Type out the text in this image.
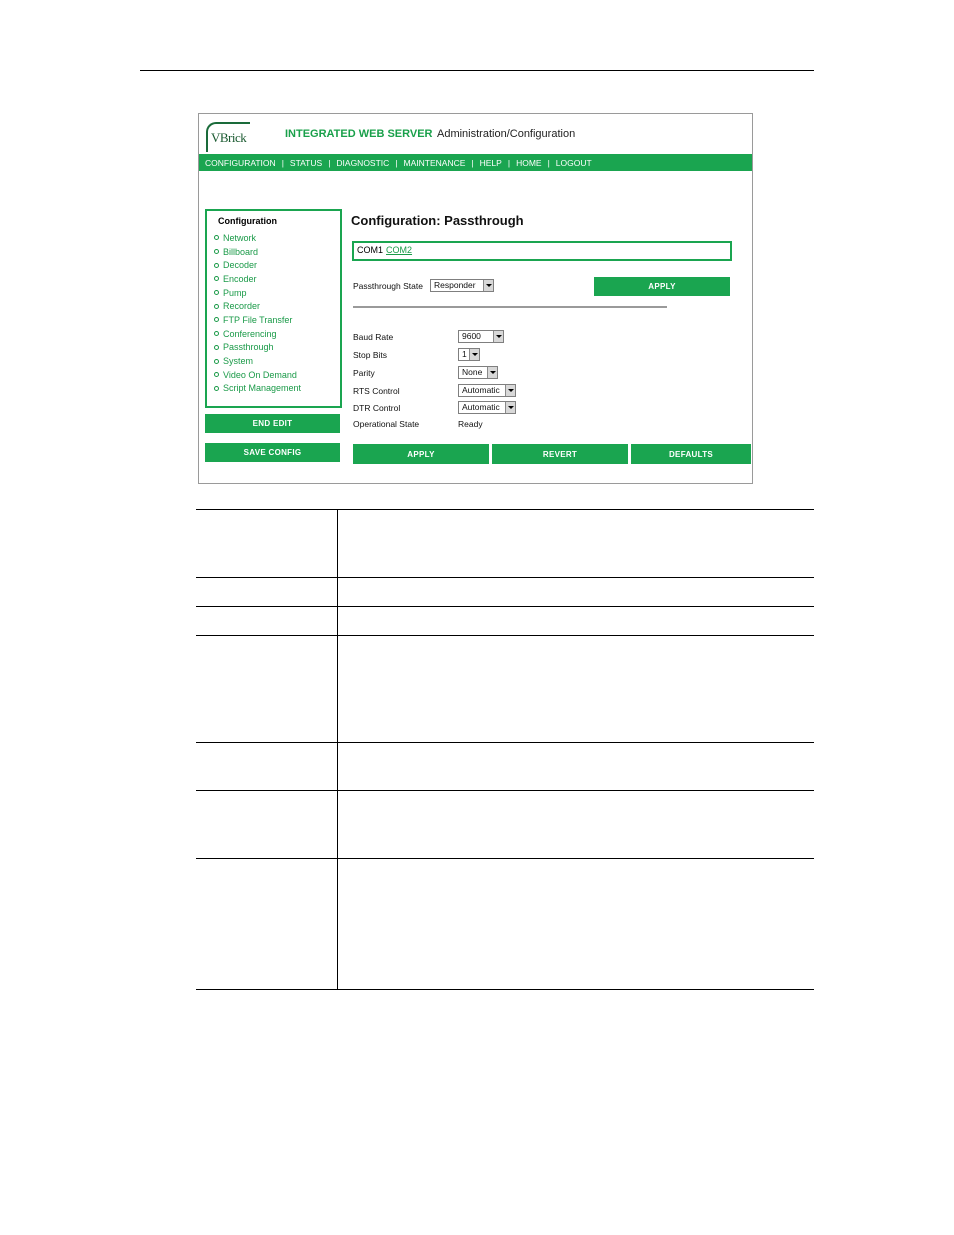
VBrick	INTEGRATED WEB SERVER Administration/Configuration
CONFIGURATION | STATUS | DIAGNOSTIC | MAINTENANCE | HELP | HOME | LOGOUT
Configuration
Network
Billboard
Decoder
Encoder
Pump
Recorder
FTP File Transfer
Conferencing
Passthrough
System
Video On Demand
Script Management
END EDIT
SAVE CONFIG
Configuration: Passthrough
COM1 COM2
Passthrough State	Responder	APPLY
Baud Rate	9600
Stop Bits	1
Parity	None
RTS Control	Automatic
DTR Control	Automatic
Operational State	Ready
APPLY	REVERT	DEFAULTS
